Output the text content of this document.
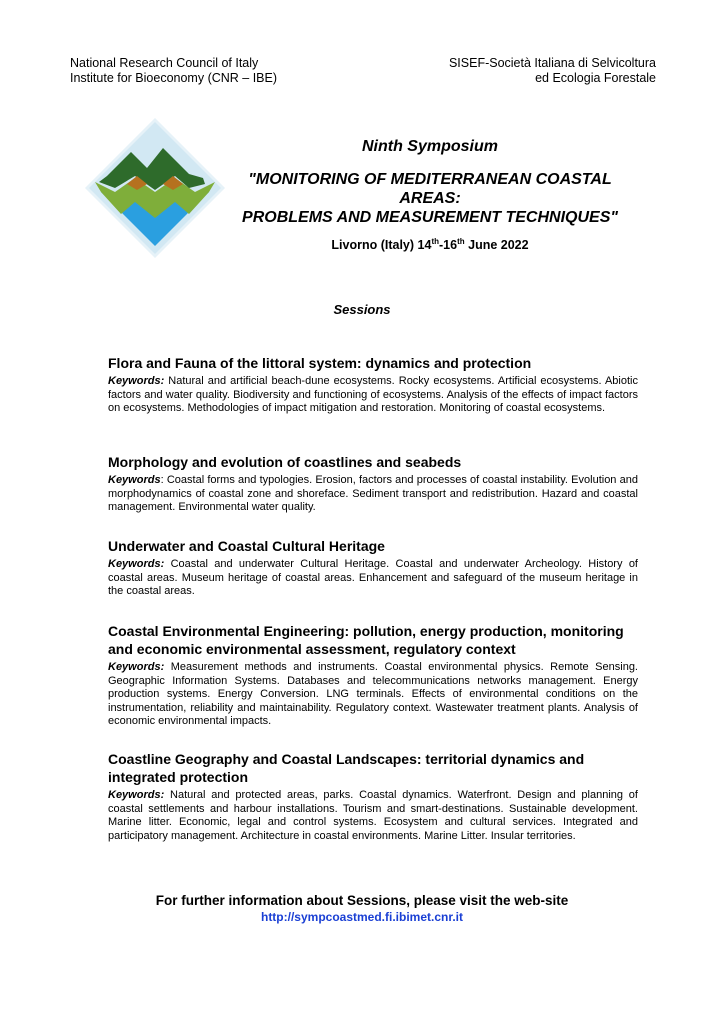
National Research Council of Italy
Institute for Bioeconomy (CNR – IBE)
SISEF-Società Italiana di Selvicoltura
ed Ecologia Forestale
Ninth Symposium
"MONITORING OF MEDITERRANEAN COASTAL
AREAS:
PROBLEMS AND MEASUREMENT TECHNIQUES"
Livorno (Italy) 14th-16th June 2022
Sessions
Flora and Fauna of the littoral system: dynamics and protection
Keywords: Natural and artificial beach-dune ecosystems. Rocky ecosystems. Artificial ecosystems. Abiotic factors and water quality. Biodiversity and functioning of ecosystems. Analysis of the effects of impact factors on ecosystems. Methodologies of impact mitigation and restoration. Monitoring of coastal ecosystems.
Morphology and evolution of coastlines and seabeds
Keywords: Coastal forms and typologies. Erosion, factors and processes of coastal instability. Evolution and morphodynamics of coastal zone and shoreface. Sediment transport and redistribution. Hazard and coastal management. Environmental water quality.
Underwater and Coastal Cultural Heritage
Keywords: Coastal and underwater Cultural Heritage. Coastal and underwater Archeology. History of coastal areas. Museum heritage of coastal areas. Enhancement and safeguard of the museum heritage in the coastal areas.
Coastal Environmental Engineering: pollution, energy production, monitoring and economic environmental assessment, regulatory context
Keywords: Measurement methods and instruments. Coastal environmental physics. Remote Sensing. Geographic Information Systems. Databases and telecommunications networks management. Energy production systems. Energy Conversion. LNG terminals. Effects of environmental conditions on the instrumentation, reliability and maintainability. Regulatory context. Wastewater treatment plants. Analysis of economic environmental impacts.
Coastline Geography and Coastal Landscapes: territorial dynamics and integrated protection
Keywords: Natural and protected areas, parks. Coastal dynamics. Waterfront. Design and planning of coastal settlements and harbour installations. Tourism and smart-destinations. Sustainable development. Marine litter. Economic, legal and control systems. Ecosystem and cultural services. Integrated and participatory management. Architecture in coastal environments. Marine Litter. Insular territories.
For further information about Sessions, please visit the web-site
http://sympcoastmed.fi.ibimet.cnr.it
